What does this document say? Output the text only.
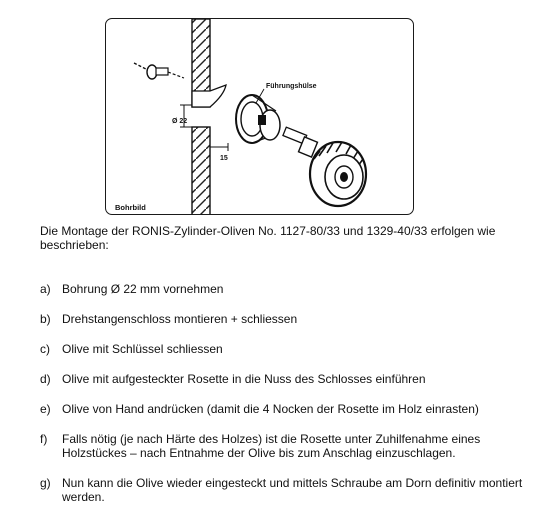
Führungshülse
Ø 22
15
Bohrbild
Die Montage der RONIS-Zylinder-Oliven No. 1127-80/33 und 1329-40/33 erfolgen wie beschrieben:
a) Bohrung Ø 22 mm vornehmen
b) Drehstangenschloss montieren + schliessen
c) Olive mit Schlüssel schliessen
d) Olive mit aufgesteckter Rosette in die Nuss des Schlosses einführen
e) Olive von Hand andrücken (damit die 4 Nocken der Rosette im Holz einrasten)
f) Falls nötig (je nach Härte des Holzes) ist die Rosette unter Zuhilfenahme eines Holzstückes – nach Entnahme der Olive bis zum Anschlag einzuschlagen.
g) Nun kann die Olive wieder eingesteckt und mittels Schraube am Dorn definitiv montiert werden.
